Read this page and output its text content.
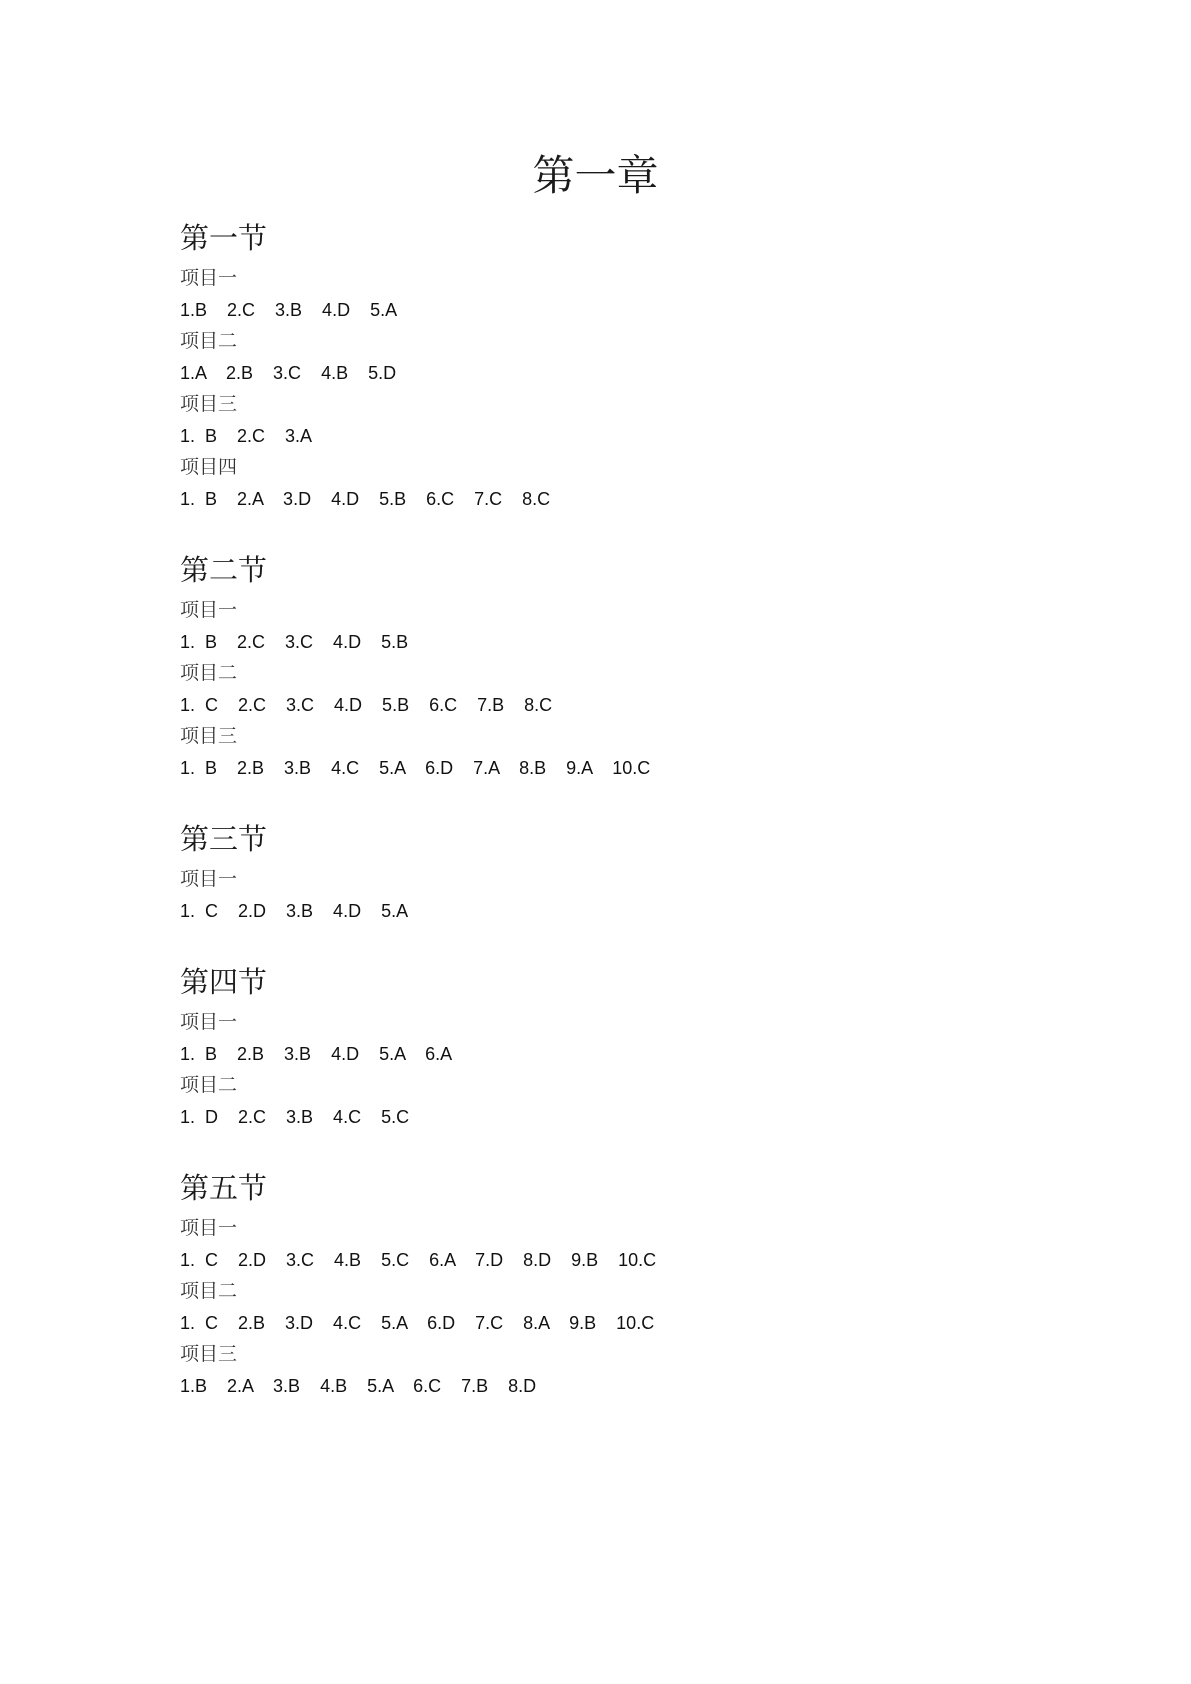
第一章
第一节

项目一

1.B    2.C    3.B    4.D    5.A

项目二

1.A    2.B    3.C    4.B    5.D

项目三

1.  B    2.C    3.A

项目四

1.  B    2.A    3.D    4.D    5.B    6.C    7.C    8.C

第二节

项目一

1.  B    2.C    3.C    4.D    5.B

项目二

1.  C    2.C    3.C    4.D    5.B    6.C    7.B    8.C

项目三

1.  B    2.B    3.B    4.C    5.A    6.D    7.A    8.B    9.A    10.C

第三节

项目一

1.  C    2.D    3.B    4.D    5.A

第四节

项目一

1.  B    2.B    3.B    4.D    5.A    6.A

项目二

1.  D    2.C    3.B    4.C    5.C

第五节

项目一

1.  C    2.D    3.C    4.B    5.C    6.A    7.D    8.D    9.B    10.C

项目二

1.  C    2.B    3.D    4.C    5.A    6.D    7.C    8.A    9.B    10.C

项目三

1.B    2.A    3.B    4.B    5.A    6.C    7.B    8.D
